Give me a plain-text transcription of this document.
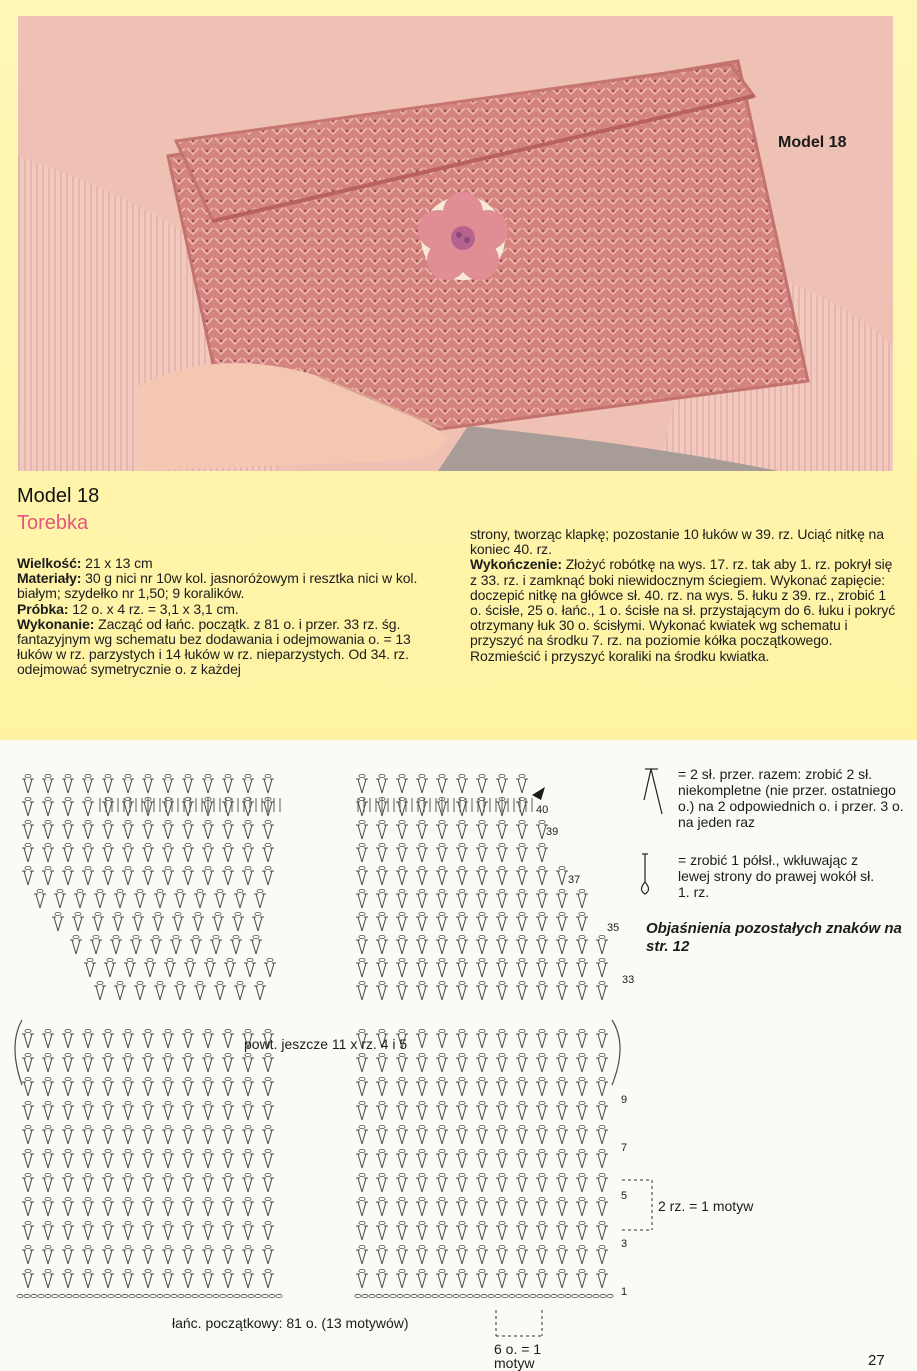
Model 18
Model 18
Torebka

Wielkość: 21 x 13 cm

Materiały: 30 g nici nr 10w kol. jasnoróżowym i resztka nici w kol. białym; szydełko nr 1,50; 9 koralików.

Próbka: 12 o. x 4 rz. = 3,1 x 3,1 cm.

Wykonanie: Zacząć od łańc. początk. z 81 o. i przer. 33 rz. śg. fantazyjnym wg schematu bez dodawania i odejmowania o. = 13 łuków w rz. parzystych i 14 łuków w rz. nieparzystych. Od 34. rz. odejmować symetrycznie o. z każdej

strony, tworząc klapkę; pozostanie 10 łuków w 39. rz. Uciąć nitkę na koniec 40. rz.

Wykończenie: Złożyć robótkę na wys. 17. rz. tak aby 1. rz. pokrył się z 33. rz. i zamknąć boki niewidocznym ściegiem. Wykonać zapięcie: doczepić nitkę na główce sł. 40. rz. na wys. 5. łuku z 39. rz., zrobić 1 o. ścisłe, 25 o. łańc., 1 o. ścisłe na sł. przystającym do 6. łuku i pokryć otrzymany łuk 30 o. ścisłymi. Wykonać kwiatek wg schematu i przyszyć na środku 7. rz. na poziomie kółka początkowego. Rozmieścić i przyszyć koraliki na środku kwiatka.

40
39
37
35
33
9
7
5
3
1
powt. jeszcze 11 x rz. 4 i 5
łańc. początkowy: 81 o. (13 motywów)
6 o. = 1 motyw
2 rz. = 1 motyw
= 2 sł. przer. razem: zrobić 2 sł. niekompletne (nie przer. ostatniego o.) na 2 odpowiednich o. i przer. 3 o. na jeden raz
= zrobić 1 półsł., wkłuwając z lewej strony do prawej wokół sł. 1. rz.
Objaśnienia pozostałych znaków na str. 12
27
